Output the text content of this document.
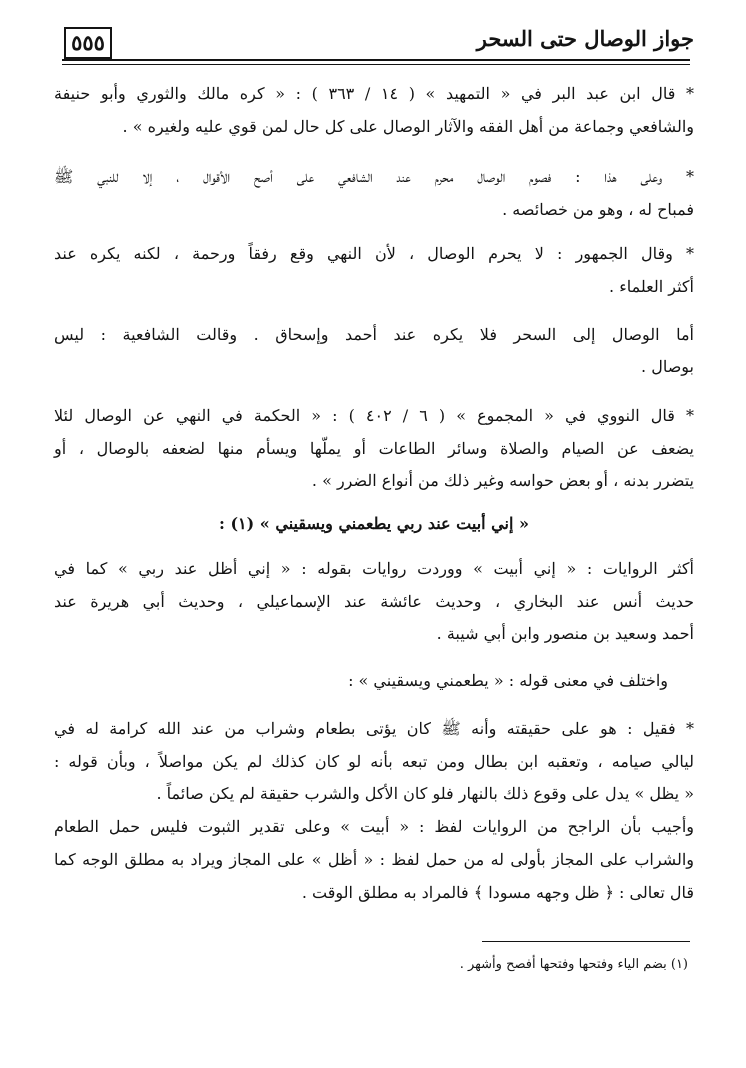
جواز الوصال حتى السحر
٥٥٥
* قال ابن عبد البر في « التمهيد » ( ١٤ / ٣٦٣ ) : « كره مالك والثوري وأبو حنيفة
والشافعي وجماعة من أهل الفقه والآثار الوصال على كل حال لمن قوي عليه ولغيره » .
* وعلى هذا : فصوم الوصال محرم عند الشافعي على أصح الأقوال ، إلا للنبي ﷺ
فمباح له ، وهو من خصائصه .
* وقال الجمهور : لا يحرم الوصال ، لأن النهي وقع رفقاً ورحمة ، لكنه يكره عند
أكثر العلماء .
أما الوصال إلى السحر فلا يكره عند أحمد وإسحاق . وقالت الشافعية : ليس
بوصال .
* قال النووي في « المجموع » ( ٦ / ٤٠٢ ) : « الحكمة في النهي عن الوصال لئلا
يضعف عن الصيام والصلاة وسائر الطاعات أو يملّها ويسأم منها لضعفه بالوصال ، أو
يتضرر بدنه ، أو بعض حواسه وغير ذلك من أنواع الضرر » .
« إني أبيت عند ربي يطعمني ويسقيني » (١) :
أكثر الروايات : « إني أبيت » ووردت روايات بقوله : « إني أظل عند ربي » كما في
حديث أنس عند البخاري ، وحديث عائشة عند الإسماعيلي ، وحديث أبي هريرة عند
أحمد وسعيد بن منصور وابن أبي شيبة .
واختلف في معنى قوله : « يطعمني ويسقيني » :
* فقيل : هو على حقيقته وأنه ﷺ كان يؤتى بطعام وشراب من عند الله كرامة له في
ليالي صيامه ، وتعقبه ابن بطال ومن تبعه بأنه لو كان كذلك لم يكن مواصلاً ، وبأن قوله :
« يظل » يدل على وقوع ذلك بالنهار فلو كان الأكل والشرب حقيقة لم يكن صائماً .
وأجيب بأن الراجح من الروايات لفظ : « أبيت » وعلى تقدير الثبوت فليس حمل الطعام
والشراب على المجاز بأولى له من حمل لفظ : « أظل » على المجاز ويراد به مطلق الوجه كما
قال تعالى : ﴿ ظل وجهه مسودا ﴾ فالمراد به مطلق الوقت .
(١) بضم الياء وفتحها وفتحها أفصح وأشهر .
